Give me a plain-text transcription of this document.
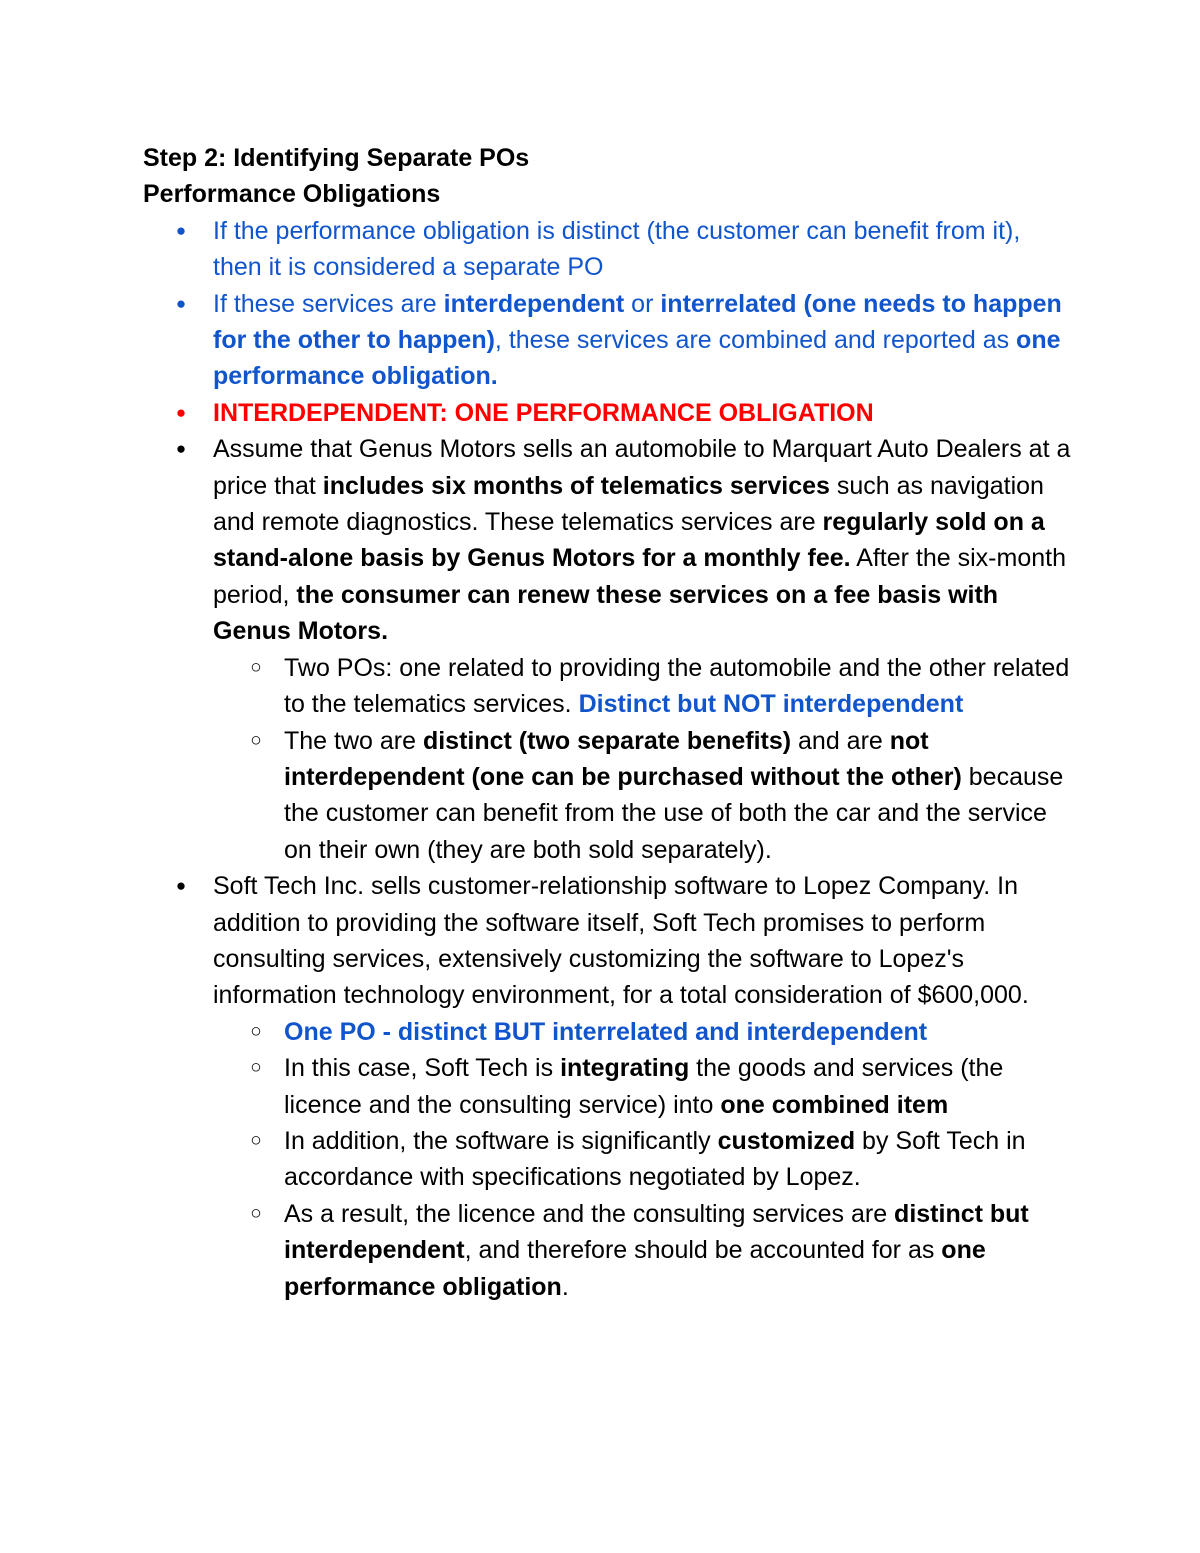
Step 2: Identifying Separate POs

Performance Obligations

● If the performance obligation is distinct (the customer can benefit from it), then it is considered a separate PO
● If these services are interdependent or interrelated (one needs to happen for the other to happen), these services are combined and reported as one performance obligation.
● INTERDEPENDENT: ONE PERFORMANCE OBLIGATION
● Assume that Genus Motors sells an automobile to Marquart Auto Dealers at a price that includes six months of telematics services such as navigation and remote diagnostics. These telematics services are regularly sold on a stand-alone basis by Genus Motors for a monthly fee. After the six-month period, the consumer can renew these services on a fee basis with Genus Motors.
○ Two POs: one related to providing the automobile and the other related to the telematics services. Distinct but NOT interdependent
○ The two are distinct (two separate benefits) and are not interdependent (one can be purchased without the other) because the customer can benefit from the use of both the car and the service on their own (they are both sold separately).
● Soft Tech Inc. sells customer-relationship software to Lopez Company. In addition to providing the software itself, Soft Tech promises to perform consulting services, extensively customizing the software to Lopez's information technology environment, for a total consideration of $600,000.
○ One PO - distinct BUT interrelated and interdependent
○ In this case, Soft Tech is integrating the goods and services (the licence and the consulting service) into one combined item
○ In addition, the software is significantly customized by Soft Tech in accordance with specifications negotiated by Lopez.
○ As a result, the licence and the consulting services are distinct but interdependent, and therefore should be accounted for as one performance obligation.
